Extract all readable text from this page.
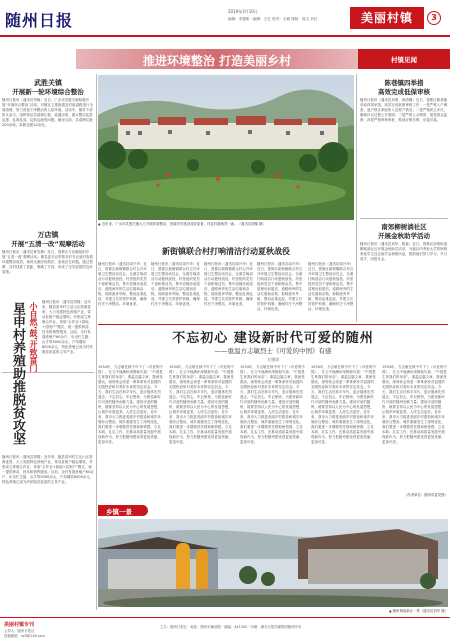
随州日报	2019年3月10日
编辑：李德彰 · 编辑：王红 校对：万颖 排版：周文 肖红	美丽村镇	3
推进环境整治 打造美丽乡村	村镇见闻
武胜关镇
开展新一轮环境综合整治
随州日报讯（通讯员李畅）近日，广水市武胜关镇积极开展“环境综合整治”活动，对镇区主要街道及村组道路进行全面清理，努力营造干净整洁的人居环境。活动中，镇村干部带头参与，组织保洁员清理垃圾、疏通沟渠，重点整治乱搭乱建、乱堆乱放、乱贴乱画等问题。截至目前，共清理垃圾200余吨，拆除违建10余处。
万店镇
开展“五清一改”观摩活动
随州日报讯（通讯员黄雪梅）近日，曾都区万店镇组织开展“五清一改”观摩活动。镇党委书记带领各村书记逐村查看环境整治成效，现场交流经验做法，查找存在问题。通过观摩，各村找准了差距，明确了方向，形成了比学赶超的良好氛围。
小自然‘鼓’开致富门
星申村养殖助推脱贫攻坚	随州日报讯（通讯员胡锦）近年来，随县星申村立足山区资源优势，大力发展特色养殖产业，带动贫困户稳定增收。村里成立养殖合作社，采取“合作社+基地+贫困户”模式，统一提供种苗、技术和销售服务。目前，全村发展养殖户60余户，年出栏生猪、山羊等5000余头，户均增收8000余元，特色养殖已成为村民脱贫致富的主导产业。
随州日报讯（通讯员胡锦）近年来，随县星申村立足山区资源优势，大力发展特色养殖产业，带动贫困户稳定增收。村里成立养殖合作社，采取“合作社+基地+贫困户”模式，统一提供种苗、技术和销售服务。目前，全村发展养殖户60余户，年出栏生猪、山羊等5000余头，户均增收8000余元，特色养殖已成为村民脱贫致富的主导产业。
▲ 近年来，广水市武胜关镇大力开展环境整治，美丽乡村建设成效显著，村容村貌焕然一新。（通讯员胡锦 摄）
新街镇联合村打响清洁行动夏秋战役
随州日报讯（通讯员周兴华）近日，曾都区新街镇联合村召开环境卫生整治动员会，全面打响清洁行动夏秋战役。村里组织党员干部和保洁员，集中清理房前屋后、道路两旁的生活垃圾和杂物，拆除废弃旱厕，整治乱堆乱放，并建立长效管护机制，确保村庄干净整洁、环境优美。
随州日报讯（通讯员周兴华）近日，曾都区新街镇联合村召开环境卫生整治动员会，全面打响清洁行动夏秋战役。村里组织党员干部和保洁员，集中清理房前屋后、道路两旁的生活垃圾和杂物，拆除废弃旱厕，整治乱堆乱放，并建立长效管护机制，确保村庄干净整洁、环境优美。
随州日报讯（通讯员周兴华）近日，曾都区新街镇联合村召开环境卫生整治动员会，全面打响清洁行动夏秋战役。村里组织党员干部和保洁员，集中清理房前屋后、道路两旁的生活垃圾和杂物，拆除废弃旱厕，整治乱堆乱放，并建立长效管护机制，确保村庄干净整洁、环境优美。
随州日报讯（通讯员周兴华）近日，曾都区新街镇联合村召开环境卫生整治动员会，全面打响清洁行动夏秋战役。村里组织党员干部和保洁员，集中清理房前屋后、道路两旁的生活垃圾和杂物，拆除废弃旱厕，整治乱堆乱放，并建立长效管护机制，确保村庄干净整洁、环境优美。
随州日报讯（通讯员周兴华）近日，曾都区新街镇联合村召开环境卫生整治动员会，全面打响清洁行动夏秋战役。村里组织党员干部和保洁员，集中清理房前屋后、道路两旁的生活垃圾和杂物，拆除废弃旱厕，整治乱堆乱放，并建立长效管护机制，确保村庄干净整洁、环境优美。
陈巷镇四举措
高效完成低保审核
随州日报讯（通讯员刘明、徐清楠）近日，曾都区陈巷镇采取四项举措，高效完成低保审核工作：一是严格入户调查，逐户核实家庭收入及财产情况；二是严格民主评议，确保评议过程公开透明；三是严格公示制度，接受群众监督；四是严格审核审批，做到应保尽保、应退尽退。
南郊柳树淌社区
开展金秋助学活动
随州日报讯（通讯员刘华、陈嘉）近日，曾都区南郊街道柳树淌社区开展金秋助学活动，为辖区内考取大学的困难家庭学生送去助学金和慰问品，鼓励他们努力学习、早日成才，回报社会。
不忘初心 建设新时代可爱的随州
——重温方志敏烈士《可爱的中国》有感
万建涛
1934年，方志敏在狱中写下了《可爱的中国》，在文中他满怀深情地写道：“中国是生育我们的母亲”。重温这篇文章，我深受感动，深刻体会到老一辈革命家对祖国的无限热爱和对美好未来的坚定信念。今天，我们生活在和平年代，更应继承先烈遗志，不忘初心、牢记使命，为建设新时代可爱的随州贡献力量。建设可爱的随州，就要坚持以人民为中心的发展思想，让城乡环境更美、人民生活更好。近年来，我市大力推进美丽乡村建设和城乡环境综合整治，城乡面貌发生了深刻变化。我们要进一步增强责任感和使命感，立足本职、扎实工作，在推动高质量发展中展现新作为，努力把随州建设得更加美丽、更加可爱。
1934年，方志敏在狱中写下了《可爱的中国》，在文中他满怀深情地写道：“中国是生育我们的母亲”。重温这篇文章，我深受感动，深刻体会到老一辈革命家对祖国的无限热爱和对美好未来的坚定信念。今天，我们生活在和平年代，更应继承先烈遗志，不忘初心、牢记使命，为建设新时代可爱的随州贡献力量。建设可爱的随州，就要坚持以人民为中心的发展思想，让城乡环境更美、人民生活更好。近年来，我市大力推进美丽乡村建设和城乡环境综合整治，城乡面貌发生了深刻变化。我们要进一步增强责任感和使命感，立足本职、扎实工作，在推动高质量发展中展现新作为，努力把随州建设得更加美丽、更加可爱。
1934年，方志敏在狱中写下了《可爱的中国》，在文中他满怀深情地写道：“中国是生育我们的母亲”。重温这篇文章，我深受感动，深刻体会到老一辈革命家对祖国的无限热爱和对美好未来的坚定信念。今天，我们生活在和平年代，更应继承先烈遗志，不忘初心、牢记使命，为建设新时代可爱的随州贡献力量。建设可爱的随州，就要坚持以人民为中心的发展思想，让城乡环境更美、人民生活更好。近年来，我市大力推进美丽乡村建设和城乡环境综合整治，城乡面貌发生了深刻变化。我们要进一步增强责任感和使命感，立足本职、扎实工作，在推动高质量发展中展现新作为，努力把随州建设得更加美丽、更加可爱。
1934年，方志敏在狱中写下了《可爱的中国》，在文中他满怀深情地写道：“中国是生育我们的母亲”。重温这篇文章，我深受感动，深刻体会到老一辈革命家对祖国的无限热爱和对美好未来的坚定信念。今天，我们生活在和平年代，更应继承先烈遗志，不忘初心、牢记使命，为建设新时代可爱的随州贡献力量。建设可爱的随州，就要坚持以人民为中心的发展思想，让城乡环境更美、人民生活更好。近年来，我市大力推进美丽乡村建设和城乡环境综合整治，城乡面貌发生了深刻变化。我们要进一步增强责任感和使命感，立足本职、扎实工作，在推动高质量发展中展现新作为，努力把随州建设得更加美丽、更加可爱。
1934年，方志敏在狱中写下了《可爱的中国》，在文中他满怀深情地写道：“中国是生育我们的母亲”。重温这篇文章，我深受感动，深刻体会到老一辈革命家对祖国的无限热爱和对美好未来的坚定信念。今天，我们生活在和平年代，更应继承先烈遗志，不忘初心、牢记使命，为建设新时代可爱的随州贡献力量。建设可爱的随州，就要坚持以人民为中心的发展思想，让城乡环境更美、人民生活更好。近年来，我市大力推进美丽乡村建设和城乡环境综合整治，城乡面貌发生了深刻变化。我们要进一步增强责任感和使命感，立足本职、扎实工作，在推动高质量发展中展现新作为，努力把随州建设得更加美丽、更加可爱。
（作者单位：随州市委党校）
乡镇一景
▲ 随州城南新区一景（通讯员刘华 摄）
美丽村镇专刊
主持人：随州日报社
投稿邮箱：sz3@126.com
主办：随州日报社 · 地址：随州市解放路 · 邮编：441300 · 印刷：湖北日报传媒集团随州印务
